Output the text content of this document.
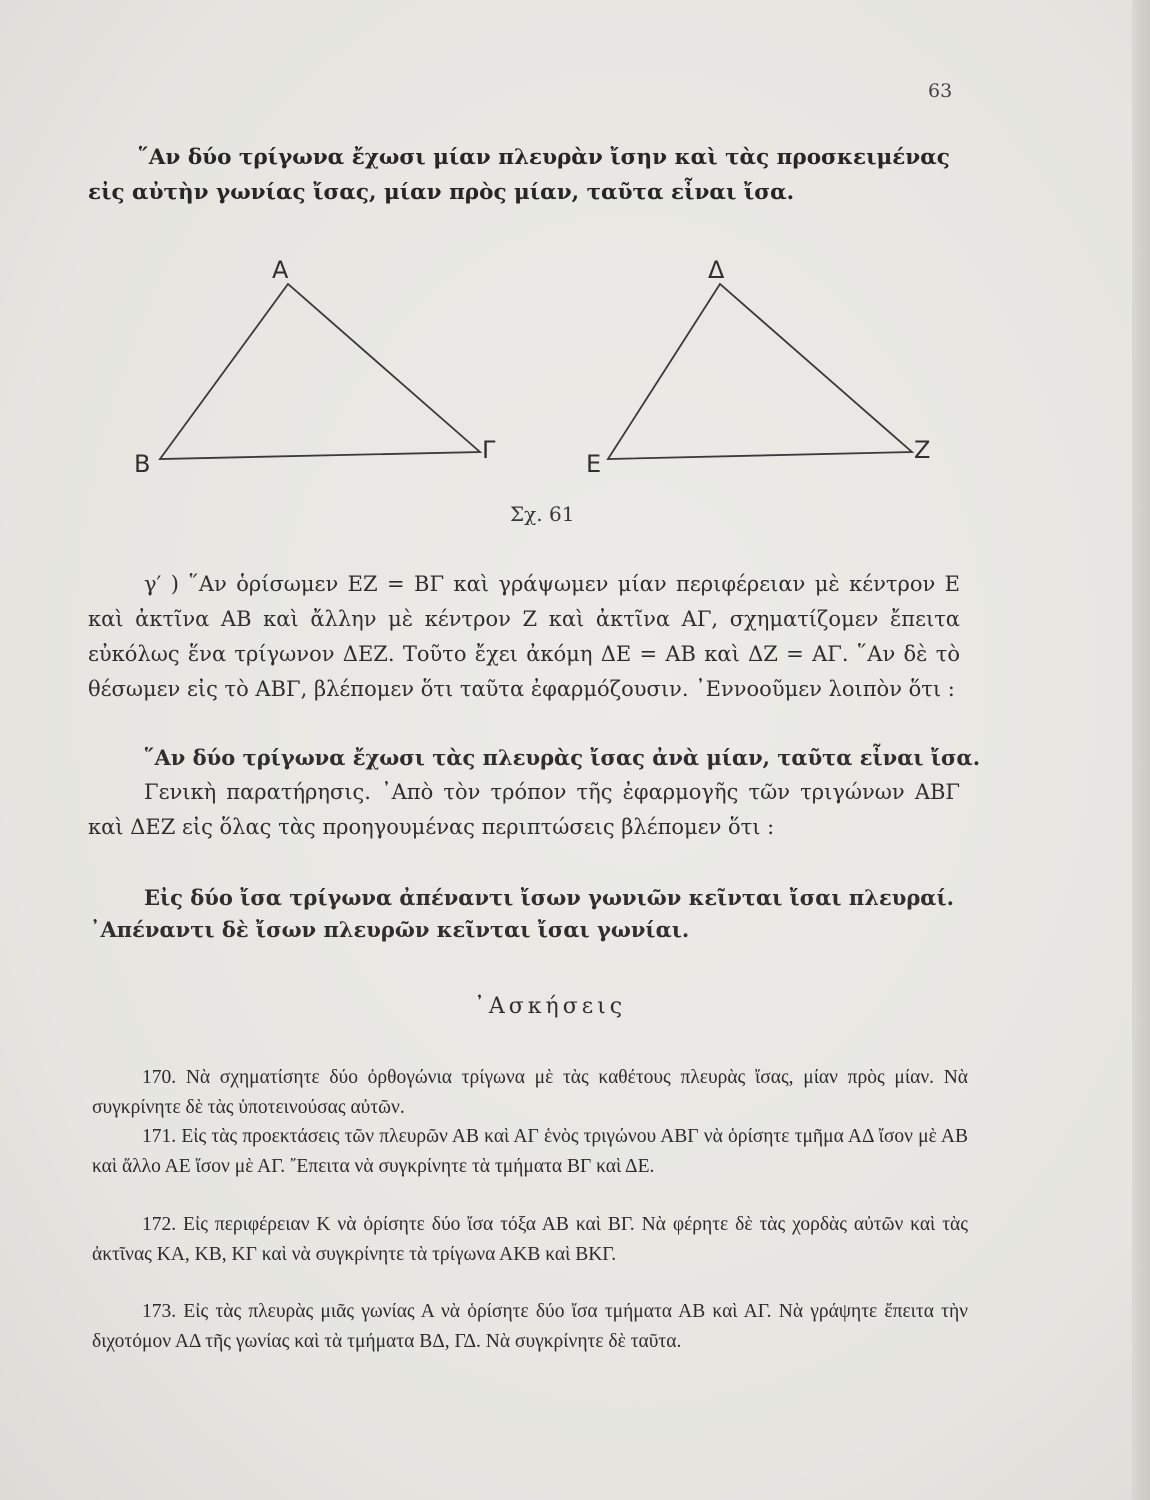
63
῞Αν δύο τρίγωνα ἔχωσι μίαν πλευρὰν ἴσην καὶ τὰς προσκειμένας εἰς αὐτὴν γωνίας ἴσας, μίαν πρὸς μίαν, ταῦτα εἶναι ἴσα.
Α
Β	Γ
Δ
Ε	Ζ
Σχ. 61
γ′ ) ῞Αν ὁρίσωμεν ΕΖ = ΒΓ καὶ γράψωμεν μίαν περιφέρειαν μὲ κέντρον Ε καὶ ἀκτῖνα ΑΒ καὶ ἄλλην μὲ κέντρον Ζ καὶ ἀκτῖνα ΑΓ, σχηματίζομεν ἔπειτα εὐκόλως ἕνα τρίγωνον ΔΕΖ. Τοῦτο ἔχει ἀκόμη ΔΕ = ΑΒ καὶ ΔΖ = ΑΓ. ῞Αν δὲ τὸ θέσωμεν εἰς τὸ ΑΒΓ, βλέπομεν ὅτι ταῦτα ἐφαρμόζουσιν. ᾿Εννοοῦμεν λοιπὸν ὅτι :
῞Αν δύο τρίγωνα ἔχωσι τὰς πλευρὰς ἴσας ἀνὰ μίαν, ταῦτα εἶναι ἴσα.
Γενικὴ παρατήρησις. ᾿Απὸ τὸν τρόπον τῆς ἐφαρμογῆς τῶν τριγώνων ΑΒΓ καὶ ΔΕΖ εἰς ὅλας τὰς προηγουμένας περιπτώσεις βλέπομεν ὅτι :
Εἰς δύο ἴσα τρίγωνα ἀπέναντι ἴσων γωνιῶν κεῖνται ἴσαι πλευραί.
᾿Απέναντι δὲ ἴσων πλευρῶν κεῖνται ἴσαι γωνίαι.
᾿Ασκήσεις
170. Νὰ σχηματίσητε δύο ὀρθογώνια τρίγωνα μὲ τὰς καθέτους πλευρὰς ἴσας, μίαν πρὸς μίαν. Νὰ συγκρίνητε δὲ τὰς ὑποτεινούσας αὐτῶν.
171. Εἰς τὰς προεκτάσεις τῶν πλευρῶν ΑΒ καὶ ΑΓ ἑνὸς τριγώνου ΑΒΓ νὰ ὁρίσητε τμῆμα ΑΔ ἴσον μὲ ΑΒ καὶ ἄλλο ΑΕ ἴσον μὲ ΑΓ. ῎Επειτα νὰ συγκρίνητε τὰ τμήματα ΒΓ καὶ ΔΕ.
172. Εἰς περιφέρειαν Κ νὰ ὁρίσητε δύο ἴσα τόξα ΑΒ καὶ ΒΓ. Νὰ φέρητε δὲ τὰς χορδὰς αὐτῶν καὶ τὰς ἀκτῖνας ΚΑ, ΚΒ, ΚΓ καὶ νὰ συγκρίνητε τὰ τρίγωνα ΑΚΒ καὶ ΒΚΓ.
173. Εἰς τὰς πλευρὰς μιᾶς γωνίας Α νὰ ὁρίσητε δύο ἴσα τμήματα ΑΒ καὶ ΑΓ. Νὰ γράψητε ἔπειτα τὴν διχοτόμον ΑΔ τῆς γωνίας καὶ τὰ τμήματα ΒΔ, ΓΔ. Νὰ συγκρίνητε δὲ ταῦτα.
